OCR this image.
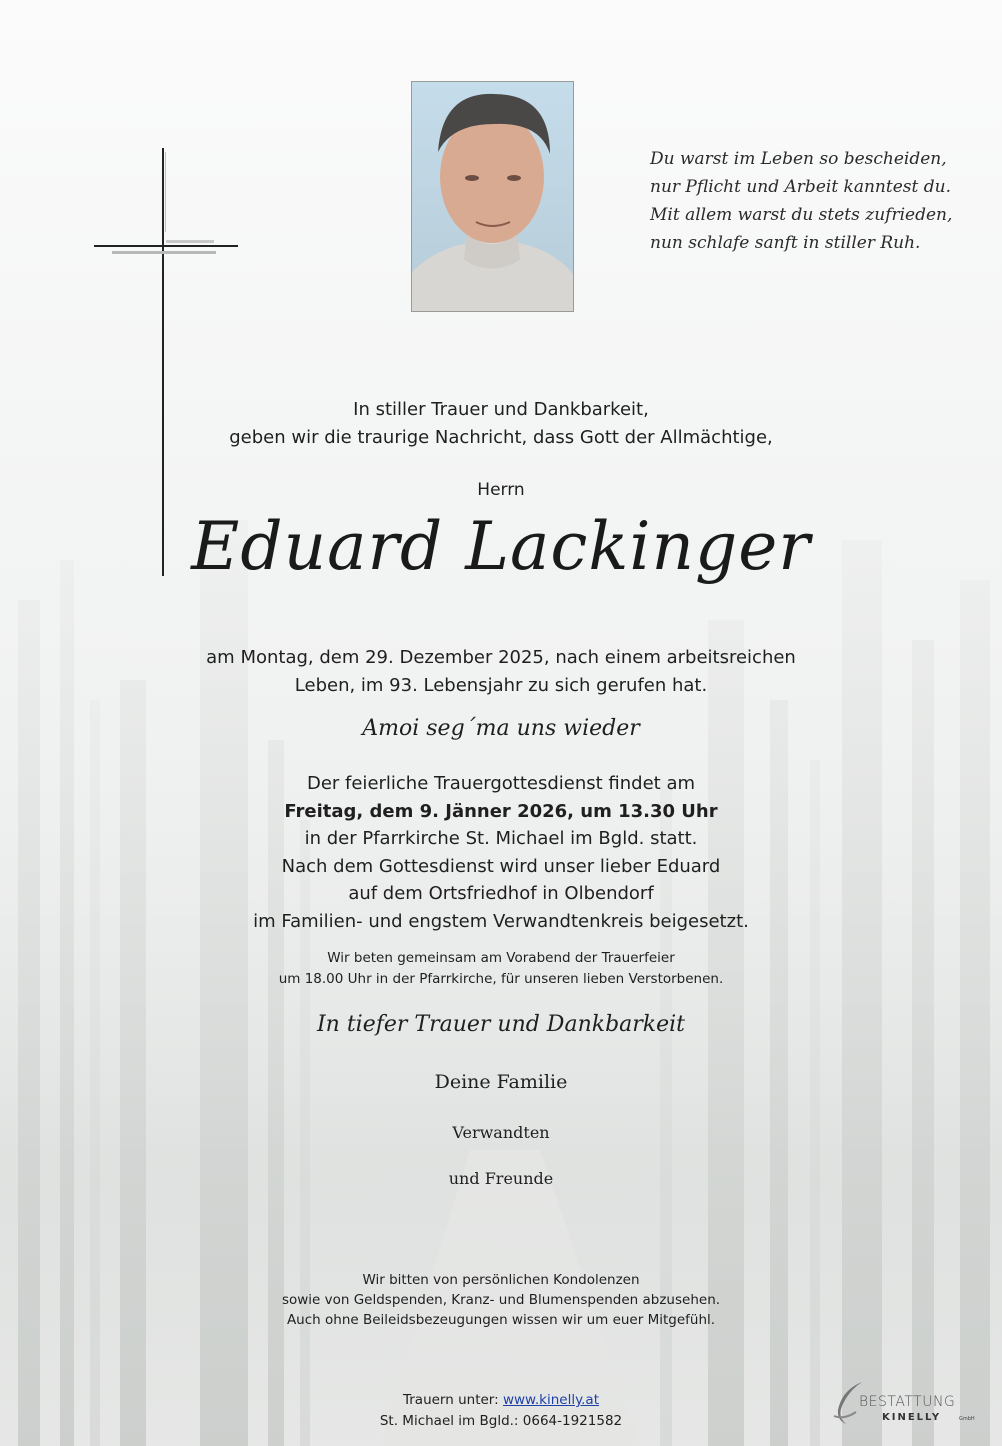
Du warst im Leben so bescheiden,
nur Pflicht und Arbeit kanntest du.
Mit allem warst du stets zufrieden,
nun schlafe sanft in stiller Ruh.
In stiller Trauer und Dankbarkeit,
geben wir die traurige Nachricht, dass Gott der Allmächtige,
Herrn
Eduard Lackinger
am Montag, dem 29. Dezember 2025, nach einem arbeitsreichen
Leben, im 93. Lebensjahr zu sich gerufen hat.
Amoi seg´ma uns wieder
Der feierliche Trauergottesdienst findet am
Freitag, dem 9. Jänner 2026, um 13.30 Uhr
in der Pfarrkirche St. Michael im Bgld. statt.
Nach dem Gottesdienst wird unser lieber Eduard
auf dem Ortsfriedhof in Olbendorf
im Familien- und engstem Verwandtenkreis beigesetzt.
Wir beten gemeinsam am Vorabend der Trauerfeier
um 18.00 Uhr in der Pfarrkirche, für unseren lieben Verstorbenen.
In tiefer Trauer und Dankbarkeit
Deine Familie
Verwandten
und Freunde
Wir bitten von persönlichen Kondolenzen
sowie von Geldspenden, Kranz- und Blumenspenden abzusehen.
Auch ohne Beileidsbezeugungen wissen wir um euer Mitgefühl.
Trauern unter: www.kinelly.at
St. Michael im Bgld.: 0664-1921582
BESTATTUNG
KINELLY	GmbH
